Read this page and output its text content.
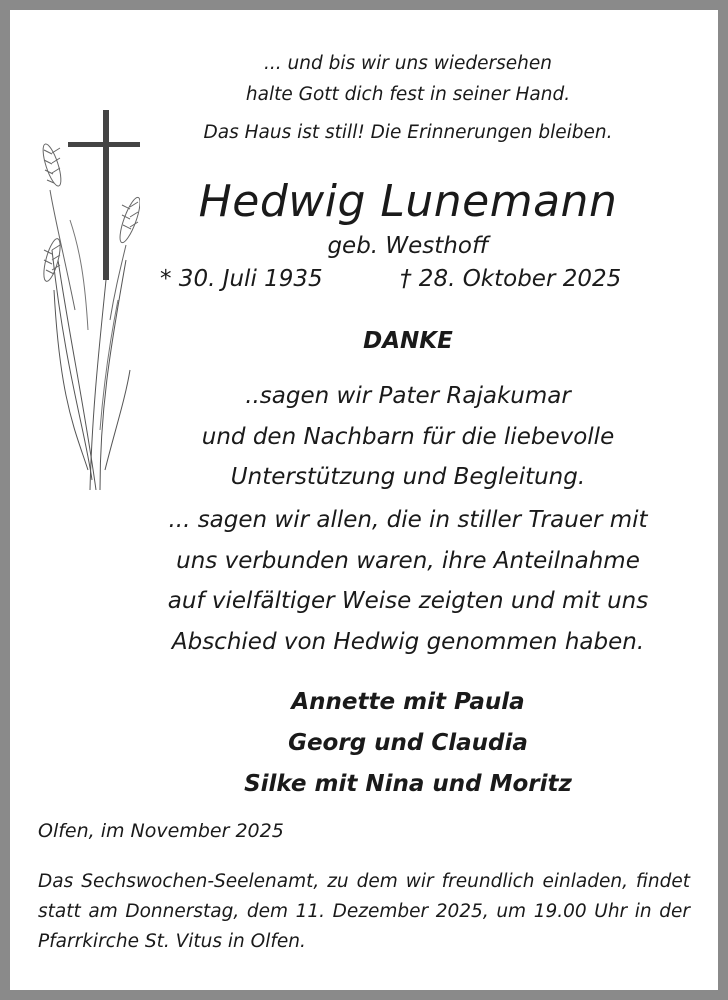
... und bis wir uns wiedersehen
halte Gott dich fest in seiner Hand.
Das Haus ist still! Die Erinnerungen bleiben.
Hedwig Lunemann
geb. Westhoff
* 30. Juli 1935	† 28. Oktober 2025
DANKE
..sagen wir Pater Rajakumar
und den Nachbarn für die liebevolle
Unterstützung und Begleitung.
... sagen wir allen, die in stiller Trauer mit
uns verbunden waren, ihre Anteilnahme
auf vielfältiger Weise zeigten und mit uns
Abschied von Hedwig genommen haben.
Annette mit Paula
Georg und Claudia
Silke mit Nina und Moritz
Olfen, im November 2025
Das Sechswochen-Seelenamt, zu dem wir freundlich einladen, findet statt am Donnerstag, dem 11. Dezember 2025, um 19.00 Uhr in der Pfarrkirche St. Vitus in Olfen.
